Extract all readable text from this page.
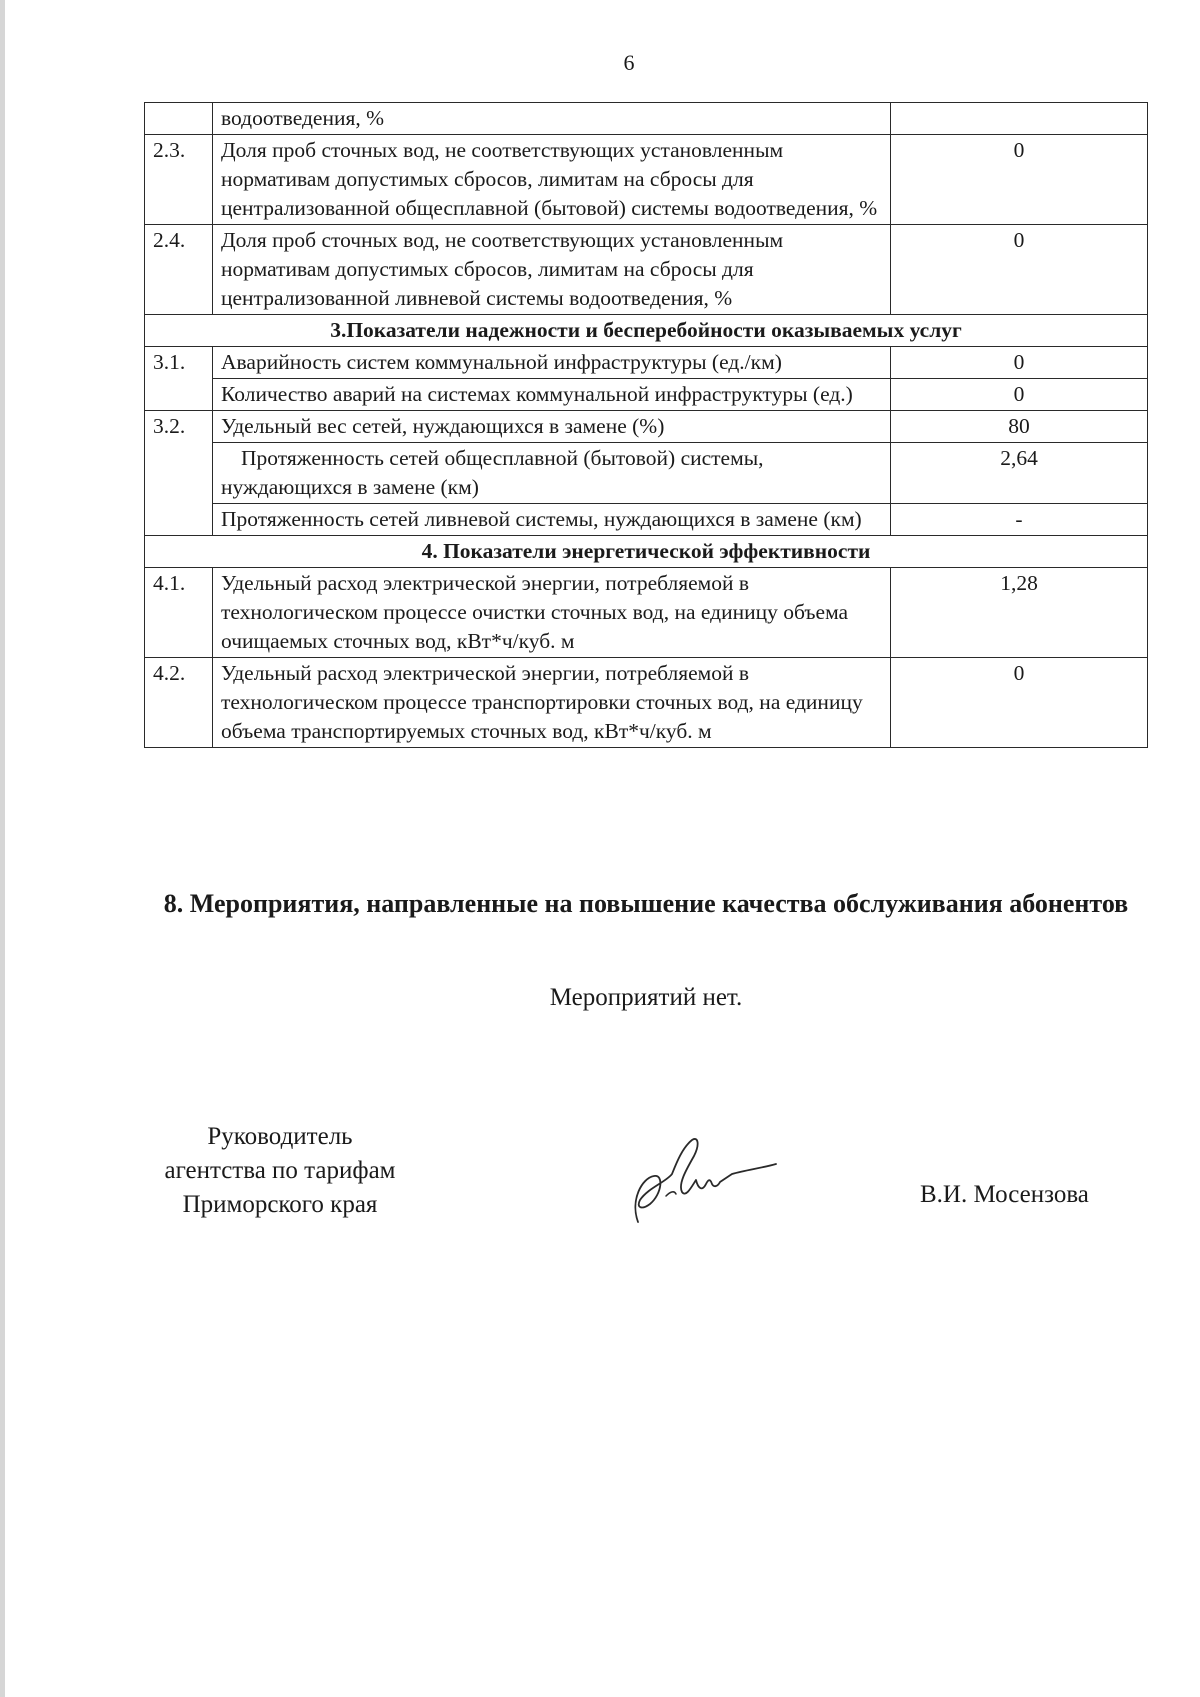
6
	водоотведения, %	
2.3.	Доля проб сточных вод, не соответствующих установленным нормативам допустимых сбросов, лимитам на сбросы для централизованной общесплавной (бытовой) системы водоотведения, %	0
2.4.	Доля проб сточных вод, не соответствующих установленным нормативам допустимых сбросов, лимитам на сбросы для централизованной ливневой системы водоотведения, %	0
3.Показатели надежности и бесперебойности оказываемых услуг		
3.1.	Аварийность систем коммунальной инфраструктуры (ед./км)	0
	Количество аварий на системах коммунальной инфраструктуры (ед.)	0
3.2.	Удельный вес сетей, нуждающихся в замене (%)	80
	Протяженность сетей общесплавной (бытовой) системы, нуждающихся в замене (км)	2,64
	Протяженность сетей ливневой системы, нуждающихся в замене (км)	-
4. Показатели энергетической эффективности		
4.1.	Удельный расход электрической энергии, потребляемой в технологическом процессе очистки сточных вод, на единицу объема очищаемых сточных вод, кВт*ч/куб. м	1,28
4.2.	Удельный расход электрической энергии, потребляемой в технологическом процессе транспортировки сточных вод, на единицу объема транспортируемых сточных вод, кВт*ч/куб. м	0
8. Мероприятия, направленные на повышение качества обслуживания абонентов
Мероприятий нет.
Руководитель
агентства по тарифам
Приморского края	В.И. Мосензова
